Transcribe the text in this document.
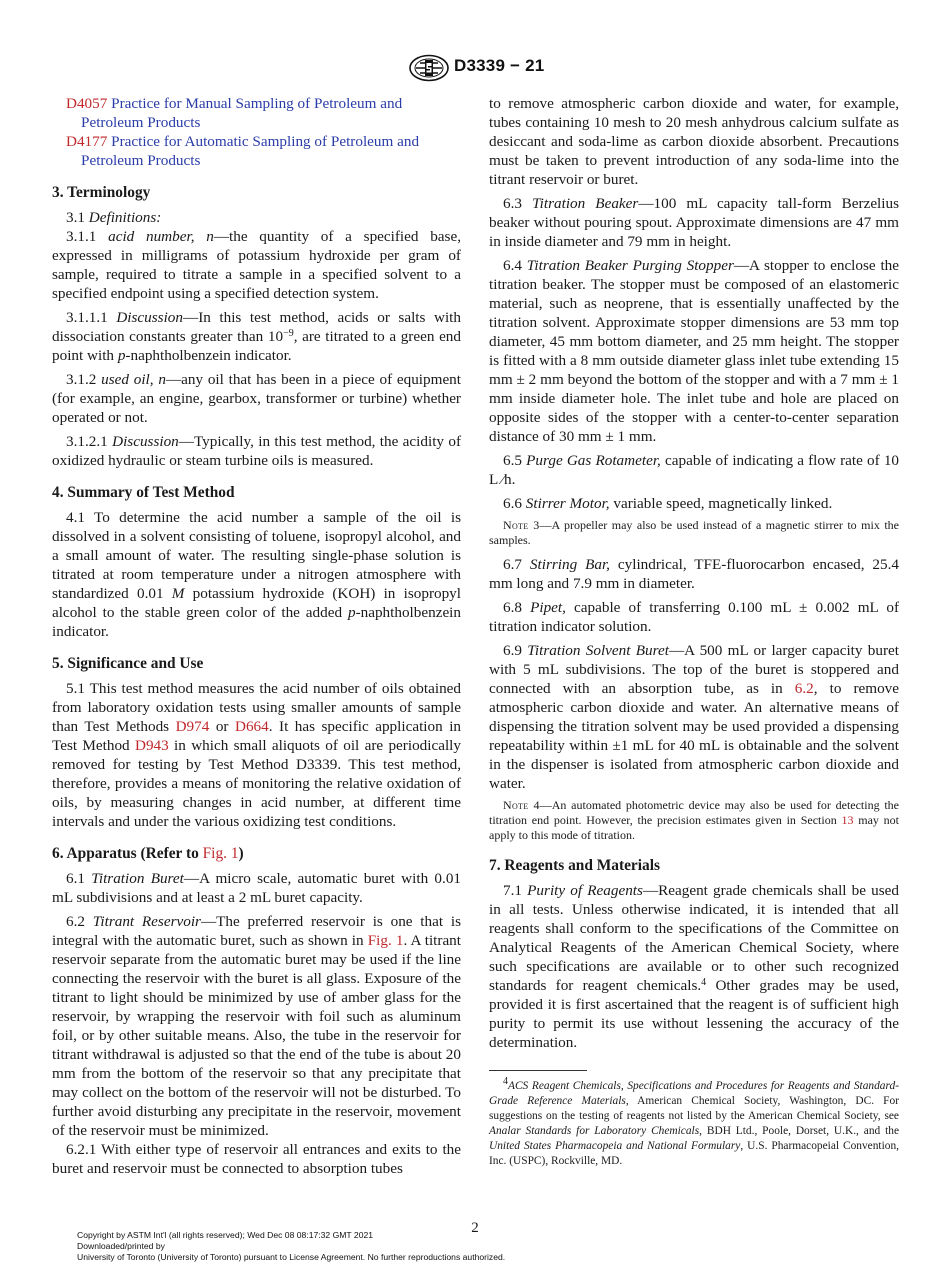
D3339 − 21
D4057 Practice for Manual Sampling of Petroleum and Petroleum Products
D4177 Practice for Automatic Sampling of Petroleum and Petroleum Products
3. Terminology
3.1 Definitions:
3.1.1 acid number, n—the quantity of a specified base, expressed in milligrams of potassium hydroxide per gram of sample, required to titrate a sample in a specified solvent to a specified endpoint using a specified detection system.
3.1.1.1 Discussion—In this test method, acids or salts with dissociation constants greater than $10^{-9}$, are titrated to a green end point with p-naphtholbenzein indicator.
3.1.2 used oil, n—any oil that has been in a piece of equipment (for example, an engine, gearbox, transformer or turbine) whether operated or not.
3.1.2.1 Discussion—Typically, in this test method, the acidity of oxidized hydraulic or steam turbine oils is measured.
4. Summary of Test Method
4.1 To determine the acid number a sample of the oil is dissolved in a solvent consisting of toluene, isopropyl alcohol, and a small amount of water. The resulting single-phase solution is titrated at room temperature under a nitrogen atmosphere with standardized 0.01 M potassium hydroxide (KOH) in isopropyl alcohol to the stable green color of the added p-naphtholbenzein indicator.
5. Significance and Use
5.1 This test method measures the acid number of oils obtained from laboratory oxidation tests using smaller amounts of sample than Test Methods D974 or D664. It has specific application in Test Method D943 in which small aliquots of oil are periodically removed for testing by Test Method D3339. This test method, therefore, provides a means of monitoring the relative oxidation of oils, by measuring changes in acid number, at different time intervals and under the various oxidizing test conditions.
6. Apparatus (Refer to Fig. 1)
6.1 Titration Buret—A micro scale, automatic buret with 0.01 mL subdivisions and at least a 2 mL buret capacity.
6.2 Titrant Reservoir—The preferred reservoir is one that is integral with the automatic buret, such as shown in Fig. 1. A titrant reservoir separate from the automatic buret may be used if the line connecting the reservoir with the buret is all glass. Exposure of the titrant to light should be minimized by use of amber glass for the reservoir, by wrapping the reservoir with foil such as aluminum foil, or by other suitable means. Also, the tube in the reservoir for titrant withdrawal is adjusted so that the end of the tube is about 20 mm from the bottom of the reservoir so that any precipitate that may collect on the bottom of the reservoir will not be disturbed. To further avoid disturbing any precipitate in the reservoir, movement of the reservoir must be minimized.
6.2.1 With either type of reservoir all entrances and exits to the buret and reservoir must be connected to absorption tubes
to remove atmospheric carbon dioxide and water, for example, tubes containing 10 mesh to 20 mesh anhydrous calcium sulfate as desiccant and soda-lime as carbon dioxide absorbent. Precautions must be taken to prevent introduction of any soda-lime into the titrant reservoir or buret.
6.3 Titration Beaker—100 mL capacity tall-form Berzelius beaker without pouring spout. Approximate dimensions are 47 mm in inside diameter and 79 mm in height.
6.4 Titration Beaker Purging Stopper—A stopper to enclose the titration beaker. The stopper must be composed of an elastomeric material, such as neoprene, that is essentially unaffected by the titration solvent. Approximate stopper dimensions are 53 mm top diameter, 45 mm bottom diameter, and 25 mm height. The stopper is fitted with a 8 mm outside diameter glass inlet tube extending 15 mm ± 2 mm beyond the bottom of the stopper and with a 7 mm ± 1 mm inside diameter hole. The inlet tube and hole are placed on opposite sides of the stopper with a center-to-center separation distance of 30 mm ± 1 mm.
6.5 Purge Gas Rotameter, capable of indicating a flow rate of 10 L ⁄h.
6.6 Stirrer Motor, variable speed, magnetically linked.
Note 3—A propeller may also be used instead of a magnetic stirrer to mix the samples.
6.7 Stirring Bar, cylindrical, TFE-fluorocarbon encased, 25.4 mm long and 7.9 mm in diameter.
6.8 Pipet, capable of transferring 0.100 mL ± 0.002 mL of titration indicator solution.
6.9 Titration Solvent Buret—A 500 mL or larger capacity buret with 5 mL subdivisions. The top of the buret is stoppered and connected with an absorption tube, as in 6.2, to remove atmospheric carbon dioxide and water. An alternative means of dispensing the titration solvent may be used provided a dispensing repeatability within ±1 mL for 40 mL is obtainable and the solvent in the dispenser is isolated from atmospheric carbon dioxide and water.
Note 4—An automated photometric device may also be used for detecting the titration end point. However, the precision estimates given in Section 13 may not apply to this mode of titration.
7. Reagents and Materials
7.1 Purity of Reagents—Reagent grade chemicals shall be used in all tests. Unless otherwise indicated, it is intended that all reagents shall conform to the specifications of the Committee on Analytical Reagents of the American Chemical Society, where such specifications are available or to other such recognized standards for reagent chemicals.$^4$ Other grades may be used, provided it is first ascertained that the reagent is of sufficient high purity to permit its use without lessening the accuracy of the determination.
4ACS Reagent Chemicals, Specifications and Procedures for Reagents and Standard-Grade Reference Materials, American Chemical Society, Washington, DC. For suggestions on the testing of reagents not listed by the American Chemical Society, see Analar Standards for Laboratory Chemicals, BDH Ltd., Poole, Dorset, U.K., and the United States Pharmacopeia and National Formulary, U.S. Pharmacopeial Convention, Inc. (USPC), Rockville, MD.
2
Copyright by ASTM Int'l (all rights reserved); Wed Dec 08 08:17:32 GMT 2021
Downloaded/printed by
University of Toronto (University of Toronto) pursuant to License Agreement. No further reproductions authorized.
